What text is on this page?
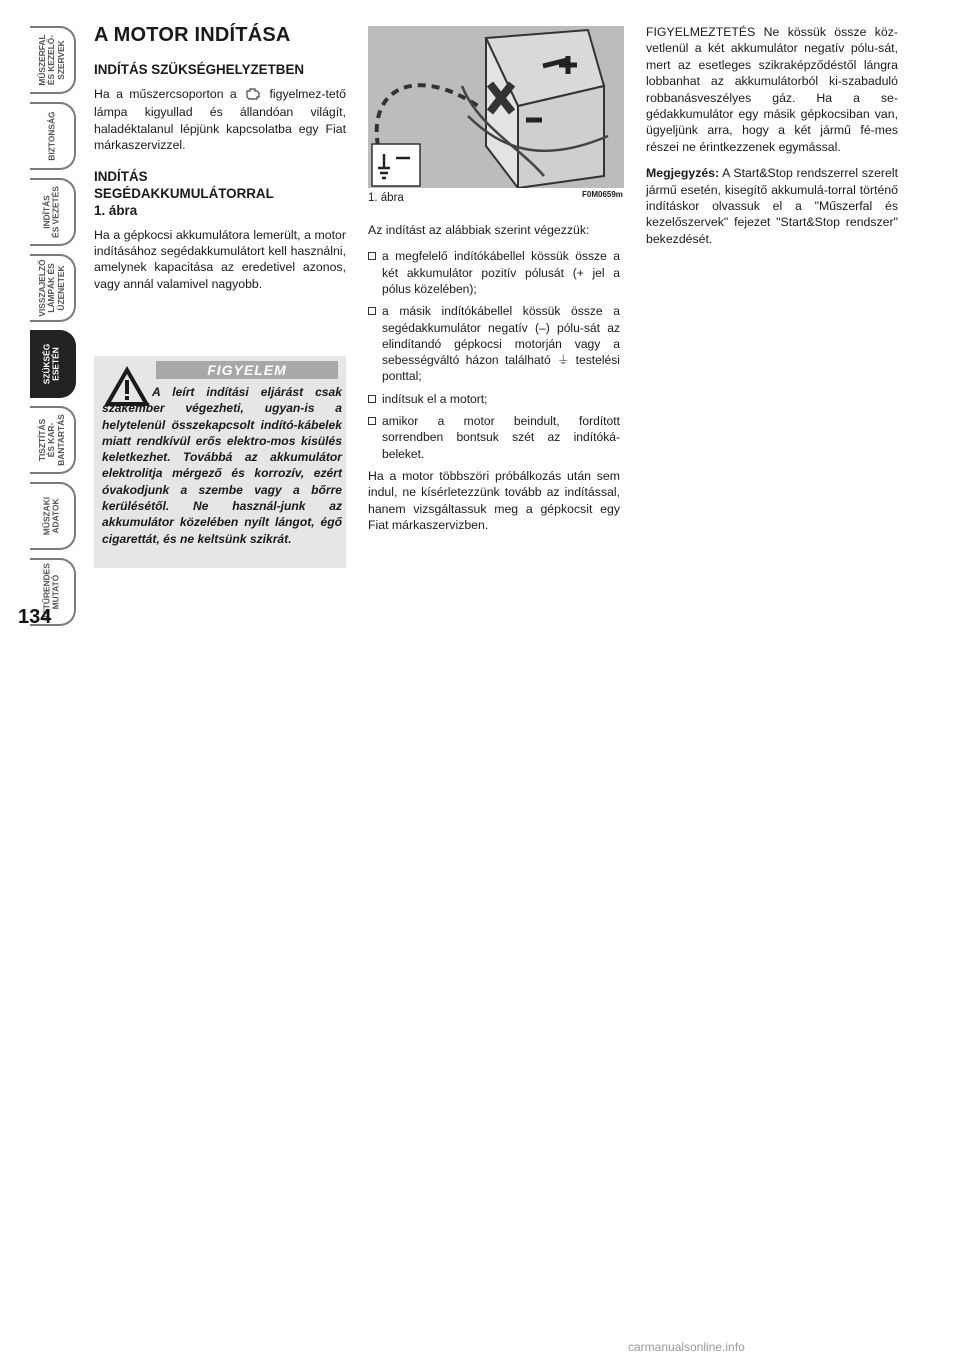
MŰSZERFAL
ÉS KEZELŐ-
SZERVEK
BIZTONSÁG
INDÍTÁS
ÉS VEZETÉS
VISSZAJELZŐ
LÁMPÁK ÉS
ÜZENETEK
SZÜKSÉG
ESETÉN
TISZTÍTÁS
ÉS KAR-
BANTARTÁS
MŰSZAKI
ADATOK
BETŰRENDES
MUTATÓ
134
A MOTOR INDÍTÁSA
INDÍTÁS SZÜKSÉGHELYZETBEN
Ha a műszercsoporton a	figyelmez-tető lámpa kigyullad és állandóan világít, haladéktalanul lépjünk kapcsolatba egy Fiat márkaszervizzel.
INDÍTÁS
SEGÉDAKKUMULÁTORRAL
1. ábra
Ha a gépkocsi akkumulátora lemerült, a motor indításához segédakkumulátort kell használni, amelynek kapacitása az eredetivel azonos, vagy annál valamivel nagyobb.
FIGYELEM
A leírt indítási eljárást csak szakember végezheti, ugyan-is a helytelenül összekapcsolt indító-kábelek miatt rendkívül erős elektro-mos kisülés keletkezhet. Továbbá az akkumulátor elektrolitja mérgező és korrozív, ezért óvakodjunk a szembe vagy a bőrre kerülésétől. Ne használ-junk az akkumulátor közelében nyílt lángot, égő cigarettát, és ne keltsünk szikrát.
1. ábra	F0M0659m
Az indítást az alábbiak szerint végezzük:
a megfelelő indítókábellel kössük össze a két akkumulátor pozitív pólusát (+ jel a pólus közelében);
a másik indítókábellel kössük össze a segédakkumulátor negatív (–) pólu-sát az elindítandó gépkocsi motorján vagy a sebességváltó házon található ⏚ testelési ponttal;
indítsuk el a motort;
amikor a motor beindult, fordított sorrendben bontsuk szét az indítóká-beleket.
Ha a motor többszöri próbálkozás után sem indul, ne kísérletezzünk tovább az indítással, hanem vizsgáltassuk meg a gépkocsit egy Fiat márkaszervizben.
FIGYELMEZTETÉS Ne kössük össze köz-vetlenül a két akkumulátor negatív pólu-sát, mert az esetleges szikraképződéstől lángra lobbanhat az akkumulátorból ki-szabaduló robbanásveszélyes gáz. Ha a se-gédakkumulátor egy másik gépkocsiban van, ügyeljünk arra, hogy a két jármű fé-mes részei ne érintkezzenek egymással.
Megjegyzés: A Start&Stop rendszerrel szerelt jármű esetén, kisegítő akkumulá-torral történő indításkor olvassuk el a "Műszerfal és kezelőszervek" fejezet "Start&Stop rendszer" bekezdését.
carmanualsonline.info
